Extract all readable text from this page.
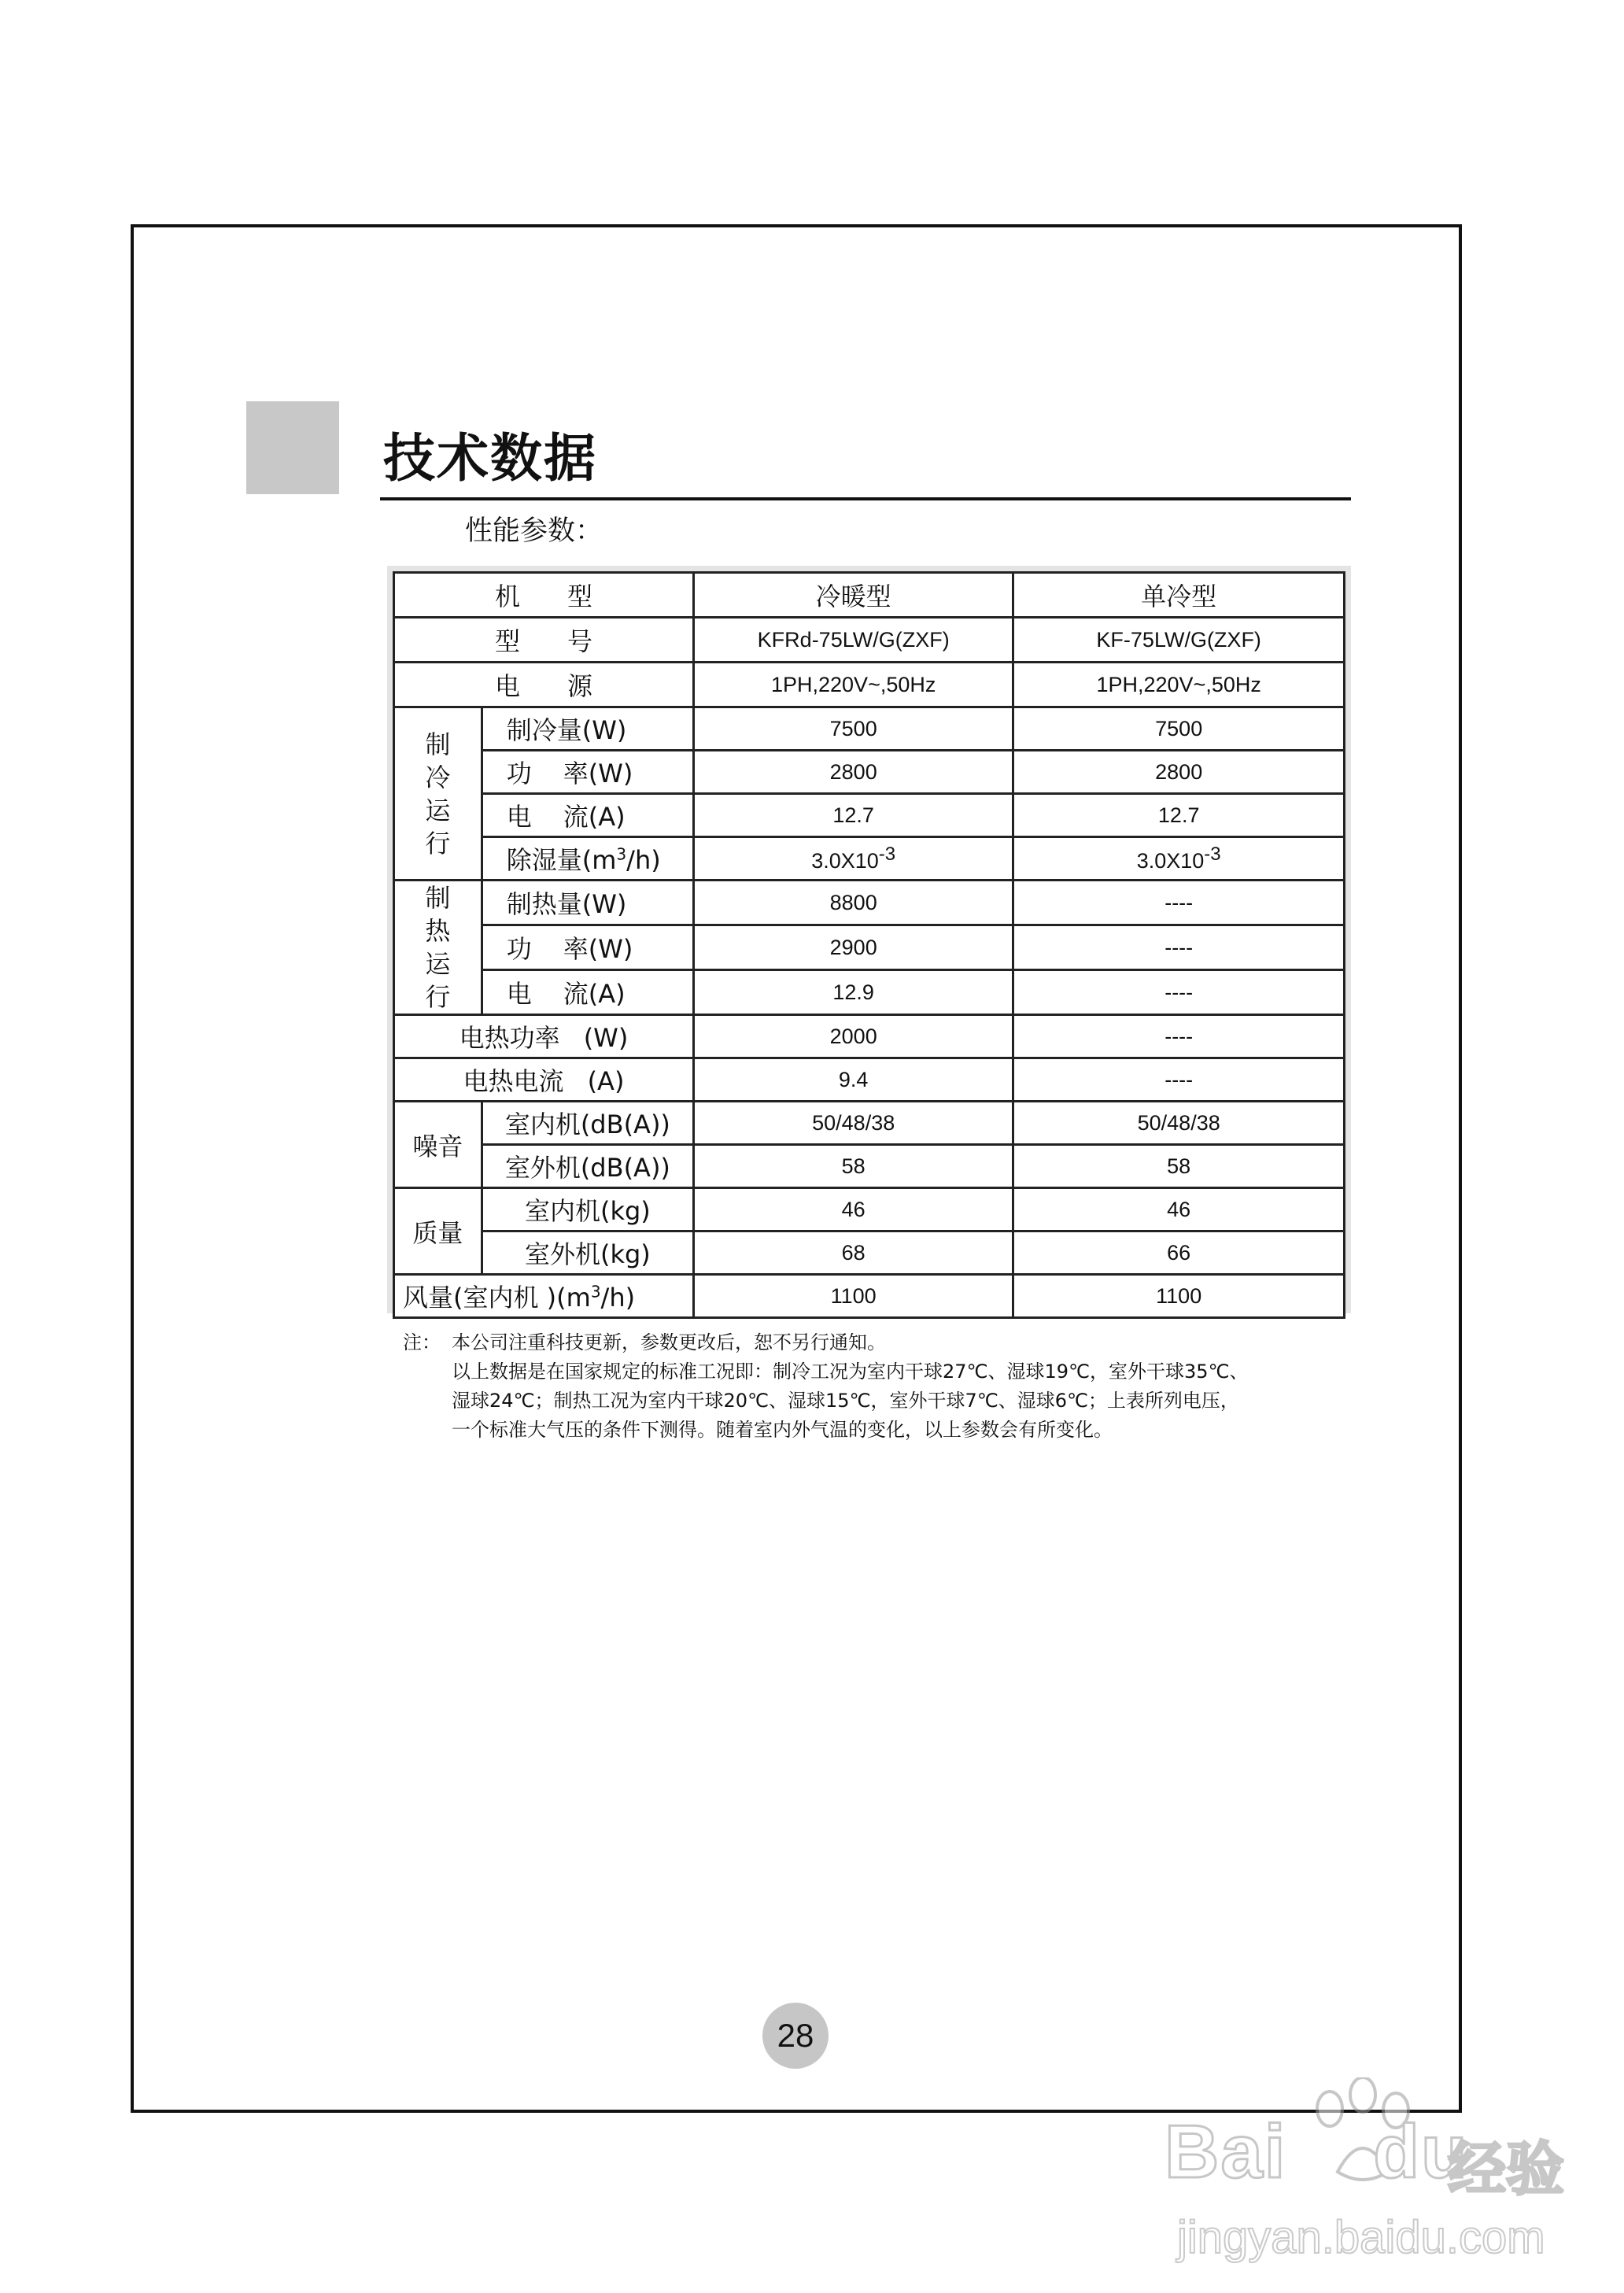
技术数据
性能参数：
机 型		冷暖型	单冷型
型 号		KFRd-75LW/G(ZXF)	KF-75LW/G(ZXF)
电 源		1PH,220V~,50Hz	1PH,220V~,50Hz

制
冷
运
行	制冷量(W)	7500	7500
	功 率(W)	2800	2800
	电 流(A)	12.7	12.7
	除湿量$(m^3/h)$	$3.0X10^{-3}$	$3.0X10^{-3}$

制
热
运
行	制热量(W)	8800	----
	功 率(W)	2900	----
	电 流(A)	12.9	----
电热功率 (W)		2000	----
电热电流 (A)		9.4	----
噪音	室内机(dB(A))	50/48/38	50/48/38
	室外机(dB(A))	58	58
质量	室内机(kg)	46	46
	室外机(kg)	68	66
风量(室内机 )$(m^3/h)$		1100	1100
注： 本公司注重科技更新，参数更改后，恕不另行通知。
以上数据是在国家规定的标准工况即：制冷工况为室内干球27℃、湿球19℃，室外干球35℃、
湿球24℃；制热工况为室内干球20℃、湿球15℃，室外干球7℃、湿球6℃；上表所列电压，
一个标准大气压的条件下测得。随着室内外气温的变化，以上参数会有所变化。
28
Bai du
经验
jingyan.baidu.com
